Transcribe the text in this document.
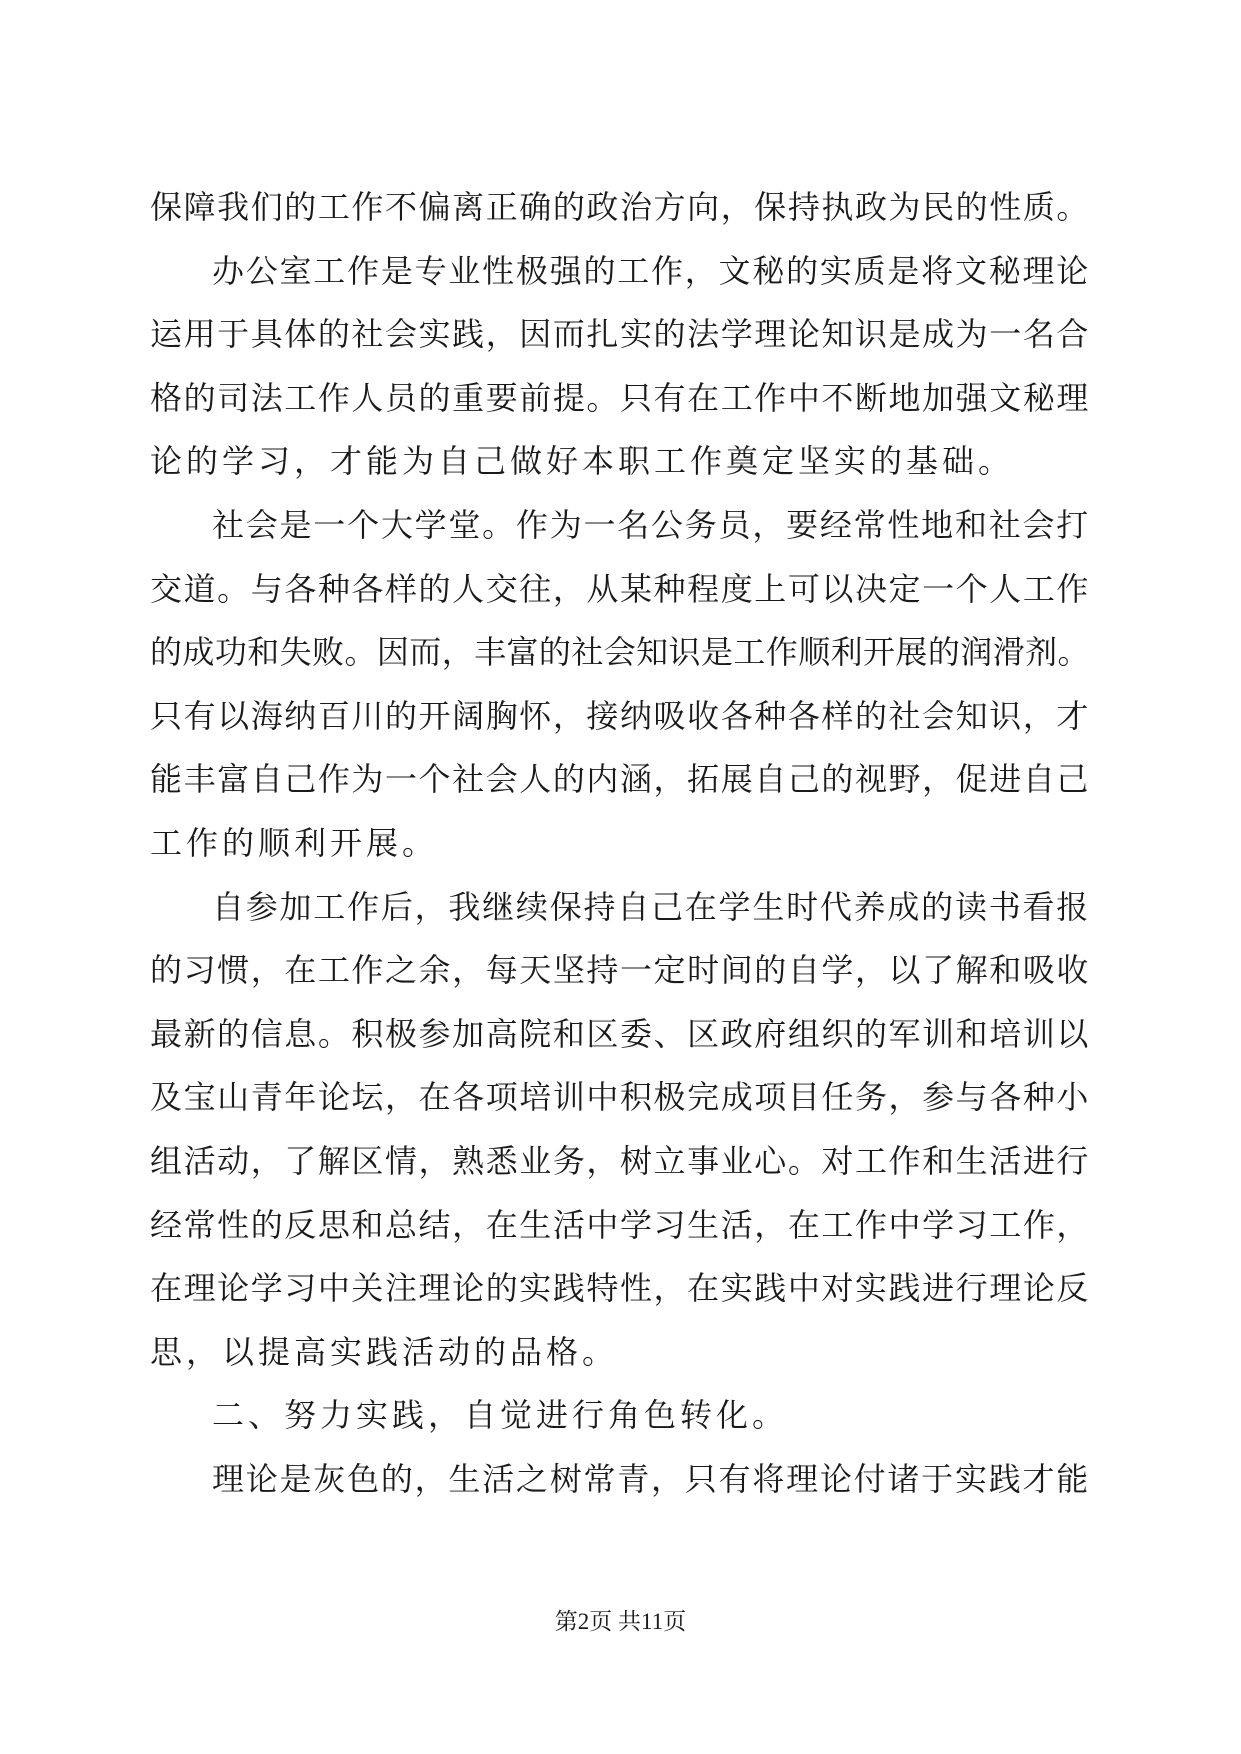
保障我们的工作不偏离正确的政治方向，保持执政为民的性质。
办公室工作是专业性极强的工作，文秘的实质是将文秘理论
运用于具体的社会实践，因而扎实的法学理论知识是成为一名合
格的司法工作人员的重要前提。只有在工作中不断地加强文秘理
论的学习，才能为自己做好本职工作奠定坚实的基础。
社会是一个大学堂。作为一名公务员，要经常性地和社会打
交道。与各种各样的人交往，从某种程度上可以决定一个人工作
的成功和失败。因而，丰富的社会知识是工作顺利开展的润滑剂。
只有以海纳百川的开阔胸怀，接纳吸收各种各样的社会知识，才
能丰富自己作为一个社会人的内涵，拓展自己的视野，促进自己
工作的顺利开展。
自参加工作后，我继续保持自己在学生时代养成的读书看报
的习惯，在工作之余，每天坚持一定时间的自学，以了解和吸收
最新的信息。积极参加高院和区委、区政府组织的军训和培训以
及宝山青年论坛，在各项培训中积极完成项目任务，参与各种小
组活动，了解区情，熟悉业务，树立事业心。对工作和生活进行
经常性的反思和总结，在生活中学习生活，在工作中学习工作，
在理论学习中关注理论的实践特性，在实践中对实践进行理论反
思，以提高实践活动的品格。
二、努力实践，自觉进行角色转化。
理论是灰色的，生活之树常青，只有将理论付诸于实践才能
第2页 共11页
